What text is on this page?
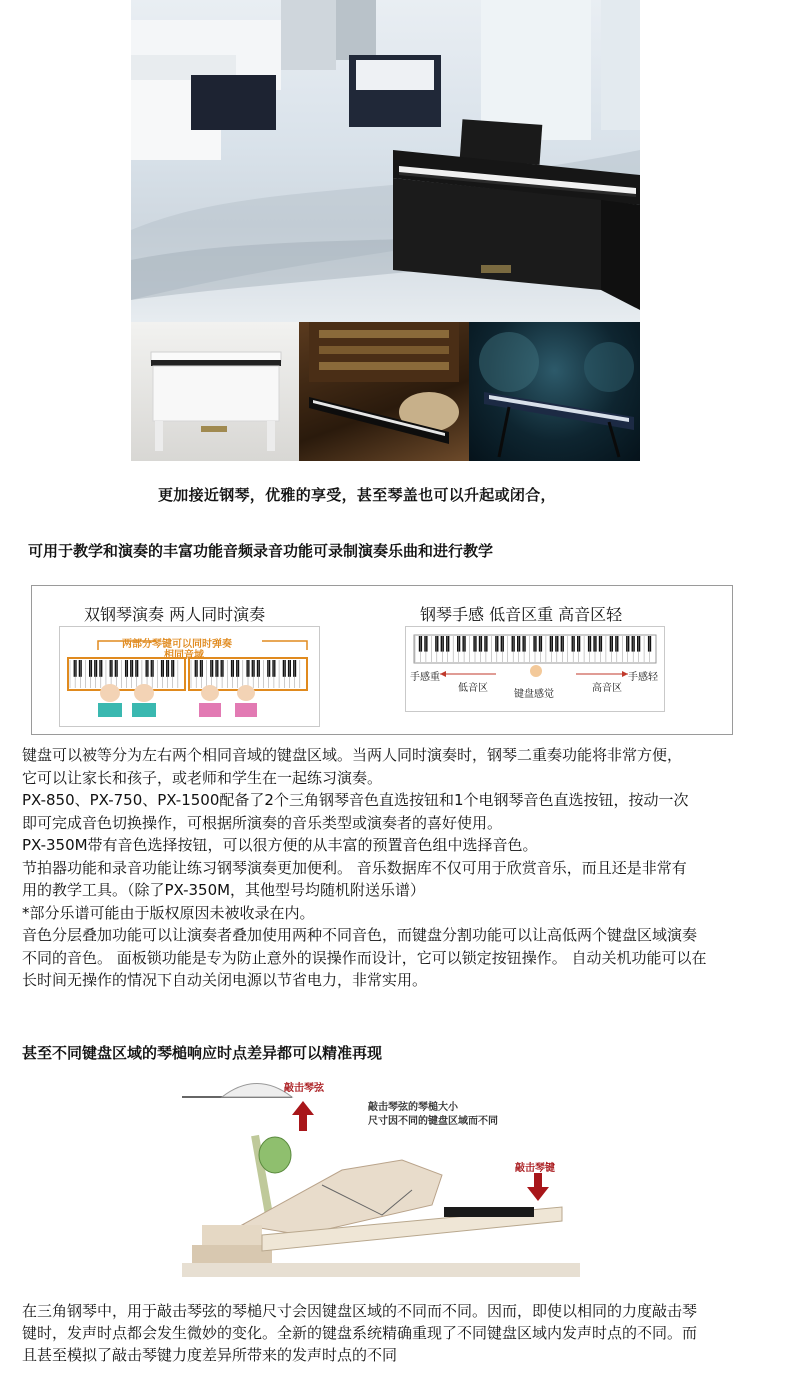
更加接近钢琴，优雅的享受，甚至琴盖也可以升起或闭合，
可用于教学和演奏的丰富功能音频录音功能可录制演奏乐曲和进行教学
双钢琴演奏 两人同时演奏	钢琴手感 低音区重 高音区轻
两部分琴键可以同时弹奏
相同音域
手感重	手感轻
低音区	高音区
键盘感觉
键盘可以被等分为左右两个相同音域的键盘区域。当两人同时演奏时，钢琴二重奏功能将非常方便，
它可以让家长和孩子，或老师和学生在一起练习演奏。
PX-850、PX-750、PX-1500配备了2个三角钢琴音色直选按钮和1个电钢琴音色直选按钮，按动一次
即可完成音色切换操作，可根据所演奏的音乐类型或演奏者的喜好使用。
PX-350M带有音色选择按钮，可以很方便的从丰富的预置音色组中选择音色。
节拍器功能和录音功能让练习钢琴演奏更加便利。 音乐数据库不仅可用于欣赏音乐，而且还是非常有
用的教学工具。（除了PX-350M，其他型号均随机附送乐谱）
*部分乐谱可能由于版权原因未被收录在内。
音色分层叠加功能可以让演奏者叠加使用两种不同音色，而键盘分割功能可以让高低两个键盘区域演奏
不同的音色。 面板锁功能是专为防止意外的误操作而设计，它可以锁定按钮操作。 自动关机功能可以在
长时间无操作的情况下自动关闭电源以节省电力，非常实用。
甚至不同键盘区域的琴槌响应时点差异都可以精准再现
敲击琴弦
敲击琴弦的琴槌大小
尺寸因不同的键盘区域而不同
敲击琴键
在三角钢琴中，用于敲击琴弦的琴槌尺寸会因键盘区域的不同而不同。因而，即使以相同的力度敲击琴
键时，发声时点都会发生微妙的变化。全新的键盘系统精确重现了不同键盘区域内发声时点的不同。而
且甚至模拟了敲击琴键力度差异所带来的发声时点的不同
